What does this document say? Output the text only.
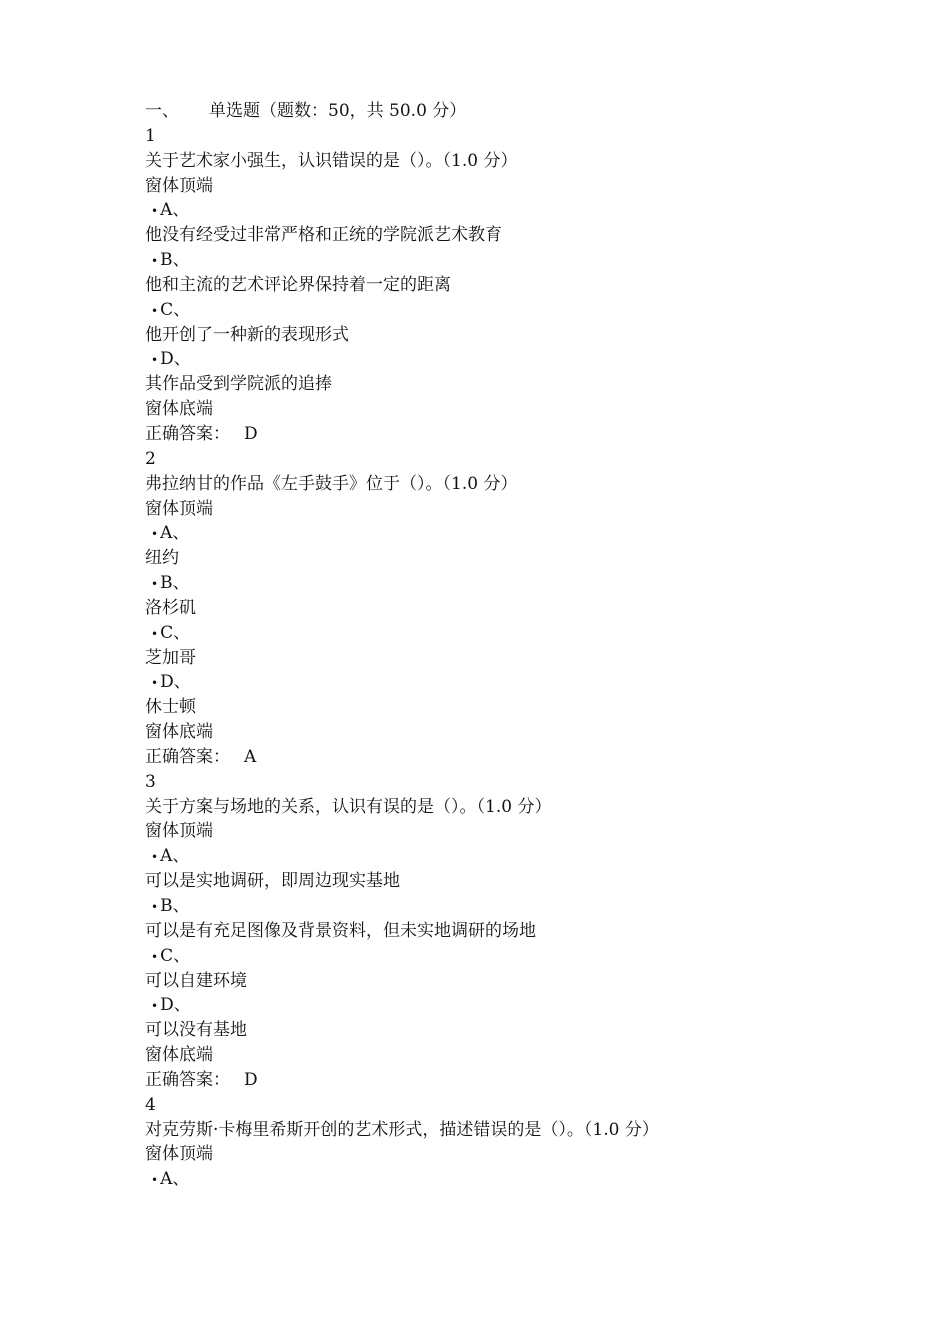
一、 单选题（题数：50，共 50.0 分）
1
关于艺术家小强生，认识错误的是（）。（1.0 分）
窗体顶端
• A、
他没有经受过非常严格和正统的学院派艺术教育
• B、
他和主流的艺术评论界保持着一定的距离
• C、
他开创了一种新的表现形式
• D、
其作品受到学院派的追捧
窗体底端
正确答案： D
2
弗拉纳甘的作品《左手鼓手》位于（）。（1.0 分）
窗体顶端
• A、
纽约
• B、
洛杉矶
• C、
芝加哥
• D、
休士顿
窗体底端
正确答案： A
3
关于方案与场地的关系，认识有误的是（）。（1.0 分）
窗体顶端
• A、
可以是实地调研，即周边现实基地
• B、
可以是有充足图像及背景资料，但未实地调研的场地
• C、
可以自建环境
• D、
可以没有基地
窗体底端
正确答案： D
4
对克劳斯·卡梅里希斯开创的艺术形式，描述错误的是（）。（1.0 分）
窗体顶端
• A、
